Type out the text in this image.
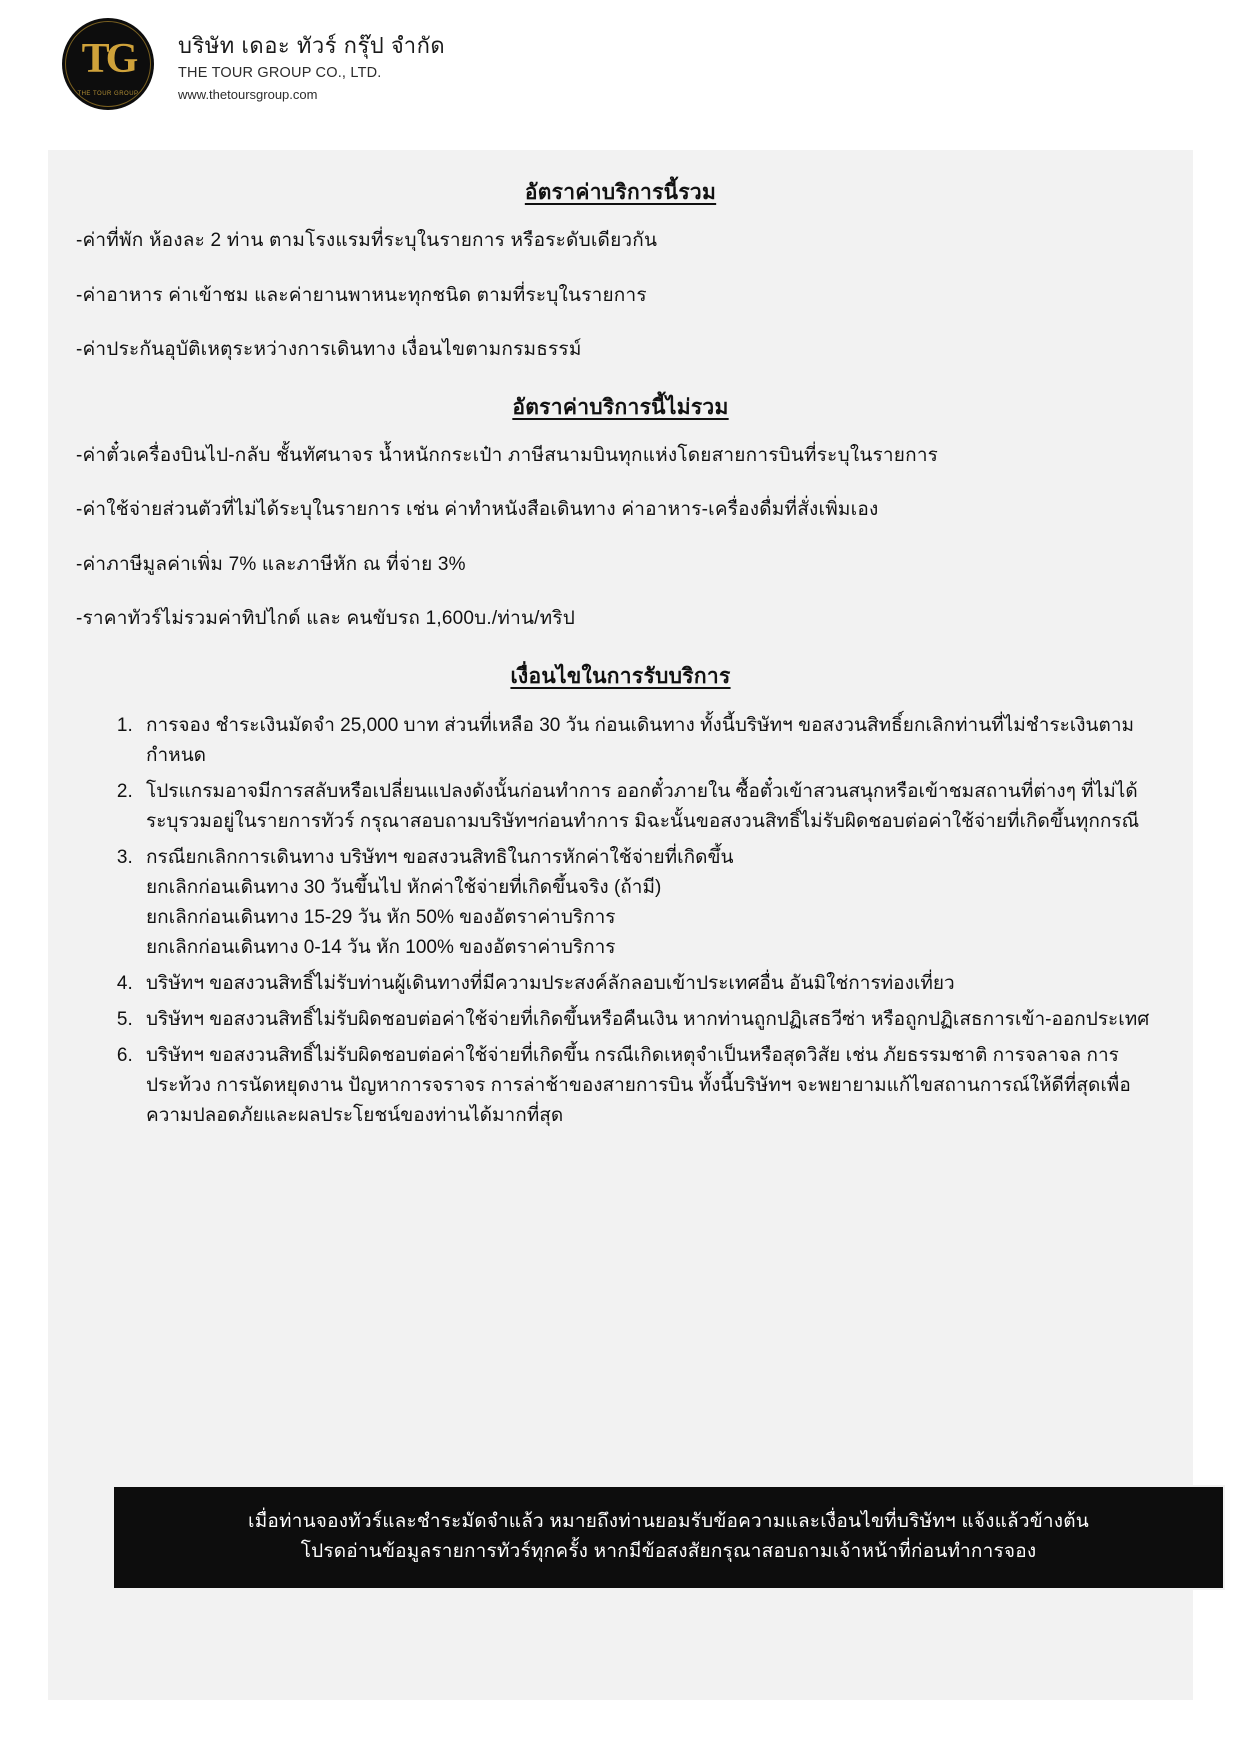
TG
THE TOUR GROUP
บริษัท เดอะ ทัวร์ กรุ๊ป จำกัด
THE TOUR GROUP CO., LTD.
www.thetoursgroup.com
อัตราค่าบริการนี้รวม
-ค่าที่พัก ห้องละ 2 ท่าน ตามโรงแรมที่ระบุในรายการ หรือระดับเดียวกัน
-ค่าอาหาร ค่าเข้าชม และค่ายานพาหนะทุกชนิด ตามที่ระบุในรายการ
-ค่าประกันอุบัติเหตุระหว่างการเดินทาง เงื่อนไขตามกรมธรรม์
อัตราค่าบริการนี้ไม่รวม
-ค่าตั๋วเครื่องบินไป-กลับ ชั้นทัศนาจร น้ำหนักกระเป๋า ภาษีสนามบินทุกแห่งโดยสายการบินที่ระบุในรายการ
-ค่าใช้จ่ายส่วนตัวที่ไม่ได้ระบุในรายการ เช่น ค่าทำหนังสือเดินทาง ค่าอาหาร-เครื่องดื่มที่สั่งเพิ่มเอง
-ค่าภาษีมูลค่าเพิ่ม 7% และภาษีหัก ณ ที่จ่าย 3%
-ราคาทัวร์ไม่รวมค่าทิปไกด์ และ คนขับรถ 1,600บ./ท่าน/ทริป
เงื่อนไขในการรับบริการ
1. การจอง ชำระเงินมัดจำ 25,000 บาท ส่วนที่เหลือ 30 วัน ก่อนเดินทาง ทั้งนี้บริษัทฯ ขอสงวนสิทธิ์ยกเลิกท่านที่ไม่ชำระเงินตามกำหนด
2. โปรแกรมอาจมีการสลับหรือเปลี่ยนแปลงดังนั้นก่อนทำการ ออกตั๋วภายใน ซื้อตั๋วเข้าสวนสนุกหรือเข้าชมสถานที่ต่างๆ ที่ไม่ได้ระบุรวมอยู่ในรายการทัวร์ กรุณาสอบถามบริษัทฯก่อนทำการ มิฉะนั้นขอสงวนสิทธิ์ไม่รับผิดชอบต่อค่าใช้จ่ายที่เกิดขึ้นทุกกรณี
3. กรณียกเลิกการเดินทาง บริษัทฯ ขอสงวนสิทธิในการหักค่าใช้จ่ายที่เกิดขึ้น
ยกเลิกก่อนเดินทาง 30 วันขึ้นไป หักค่าใช้จ่ายที่เกิดขึ้นจริง (ถ้ามี)
ยกเลิกก่อนเดินทาง 15-29 วัน หัก 50% ของอัตราค่าบริการ
ยกเลิกก่อนเดินทาง 0-14 วัน หัก 100% ของอัตราค่าบริการ
4. บริษัทฯ ขอสงวนสิทธิ์ไม่รับท่านผู้เดินทางที่มีความประสงค์ลักลอบเข้าประเทศอื่น อันมิใช่การท่องเที่ยว
5. บริษัทฯ ขอสงวนสิทธิ์ไม่รับผิดชอบต่อค่าใช้จ่ายที่เกิดขึ้นหรือคืนเงิน หากท่านถูกปฏิเสธวีซ่า หรือถูกปฏิเสธการเข้า-ออกประเทศ
6. บริษัทฯ ขอสงวนสิทธิ์ไม่รับผิดชอบต่อค่าใช้จ่ายที่เกิดขึ้น กรณีเกิดเหตุจำเป็นหรือสุดวิสัย เช่น ภัยธรรมชาติ การจลาจล การประท้วง การนัดหยุดงาน ปัญหาการจราจร การล่าช้าของสายการบิน ทั้งนี้บริษัทฯ จะพยายามแก้ไขสถานการณ์ให้ดีที่สุดเพื่อความปลอดภัยและผลประโยชน์ของท่านได้มากที่สุด
เมื่อท่านจองทัวร์และชำระมัดจำแล้ว หมายถึงท่านยอมรับข้อความและเงื่อนไขที่บริษัทฯ แจ้งแล้วข้างต้น
โปรดอ่านข้อมูลรายการทัวร์ทุกครั้ง หากมีข้อสงสัยกรุณาสอบถามเจ้าหน้าที่ก่อนทำการจอง
